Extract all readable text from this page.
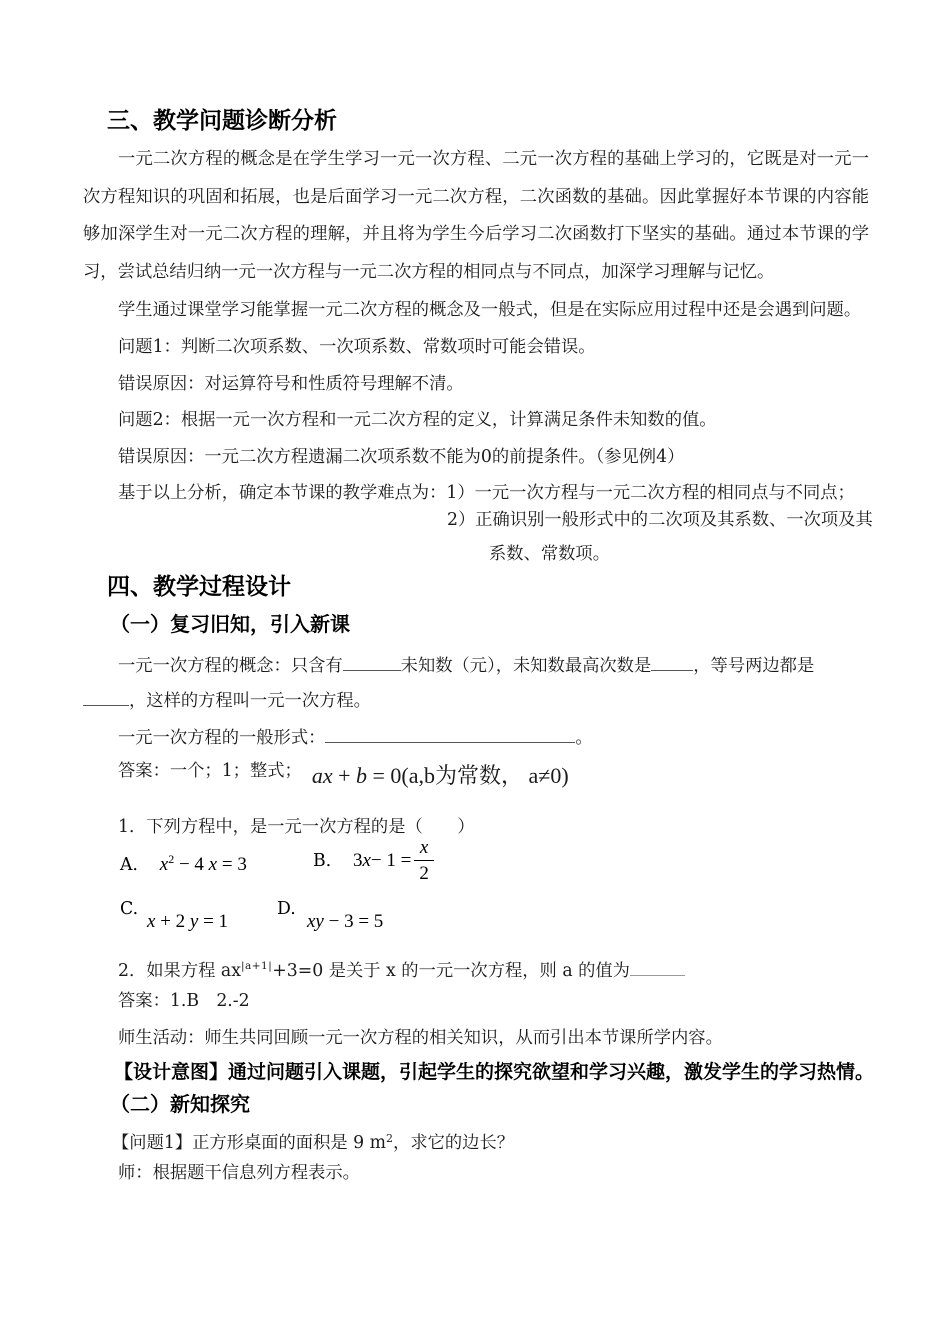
三、教学问题诊断分析
一元二次方程的概念是在学生学习一元一次方程、二元一次方程的基础上学习的，它既是对一元一次方程知识的巩固和拓展，也是后面学习一元二次方程，二次函数的基础。因此掌握好本节课的内容能够加深学生对一元二次方程的理解，并且将为学生今后学习二次函数打下坚实的基础。通过本节课的学习，尝试总结归纳一元一次方程与一元二次方程的相同点与不同点，加深学习理解与记忆。
学生通过课堂学习能掌握一元二次方程的概念及一般式，但是在实际应用过程中还是会遇到问题。
问题1：判断二次项系数、一次项系数、常数项时可能会错误。
错误原因：对运算符号和性质符号理解不清。
问题2：根据一元一次方程和一元二次方程的定义，计算满足条件未知数的值。
错误原因：一元二次方程遗漏二次项系数不能为0的前提条件。（参见例4）
基于以上分析，确定本节课的教学难点为：1）一元一次方程与一元二次方程的相同点与不同点；
2）正确识别一般形式中的二次项及其系数、一次项及其
系数、常数项。
四、教学过程设计
（一）复习旧知，引入新课
一元一次方程的概念：只含有	未知数（元），未知数最高次数是 ，等号两边都是
，这样的方程叫一元一次方程。
一元一次方程的一般形式：	。
答案：一个；1；整式； ax + b = 0(a,b为常数， a≠0)
1．下列方程中，是一元一次方程的是（　　）
A． $x^2 - 4$ x = 3	B． 3 $x - 1 = \frac{x}{2}$
C.
x + 2 y = 1
D.
xy − 3 = 5
2．如果方程 $ax^{|a+1|}+3=0$ 是关于 x 的一元一次方程，则 a 的值为
答案：1.B　2.-2
师生活动：师生共同回顾一元一次方程的相关知识，从而引出本节课所学内容。
【设计意图】通过问题引入课题，引起学生的探究欲望和学习兴趣，激发学生的学习热情。
（二）新知探究
【问题1】正方形桌面的面积是 9 $m^2$，求它的边长？
师：根据题干信息列方程表示。
